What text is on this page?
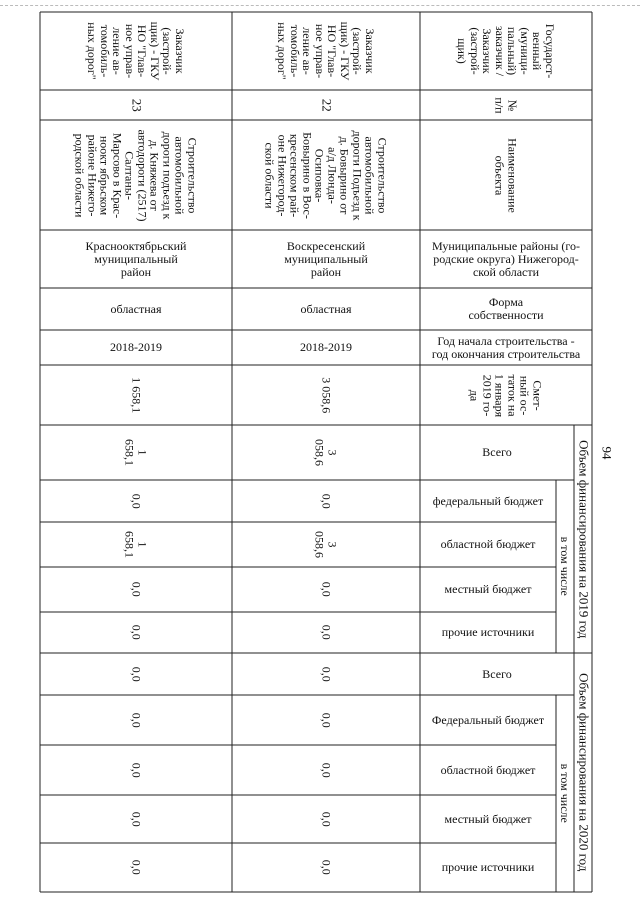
94
Государст-
венный
(муници-
пальный)
заказчик /
Заказчик
(застрой-
щик)
№
п/п
Наименование
объекта
Муниципальные районы (го-
родские округа) Нижегород-
ской области
Форма
собственности
Год начала строительства -
год окончания строительства
Смет-
ный ос-
таток на
1 января
2019 го-
да
Объем финансирования на 2019 год
Объем финансирования на 2020 год
в том числе
в том числе
Всего
федеральный бюджет
областной бюджет
местный бюджет
прочие источники
Всего
Федеральный бюджет
областной бюджет
местный бюджет
прочие источники
Заказчик
(застрой-
щик) - ГКУ
НО "Глав-
ное управ-
ление ав-
томобиль-
ных дорог"
22
Строительство
автомобильной
дороги Подъезд к
д. Бовырино от
а/д Люнда-
Осиповка-
Бовырино в Вос-
кресенском рай-
оне Нижегород-
ской области
Воскресенский
муниципальный
район
областная
2018-2019
3 058,6
3
058,6
0,0
3
058,6
0,0
0,0
0,0
0,0
0,0
0,0
0,0
Заказчик
(застрой-
щик) - ГКУ
НО "Глав-
ное управ-
ление ав-
томобиль-
ных дорог"
23
Строительство
автомобильной
дороги подъезд к
д. Княжева от
автодороги (2517)
Салтаны-
Марсово в Крас-
ноокт ябрьском
районе Нижего-
родской области
Краснооктябрьский
муниципальный
район
областная
2018-2019
1 658,1
1
658,1
0,0
1
658,1
0,0
0,0
0,0
0,0
0,0
0,0
0,0
